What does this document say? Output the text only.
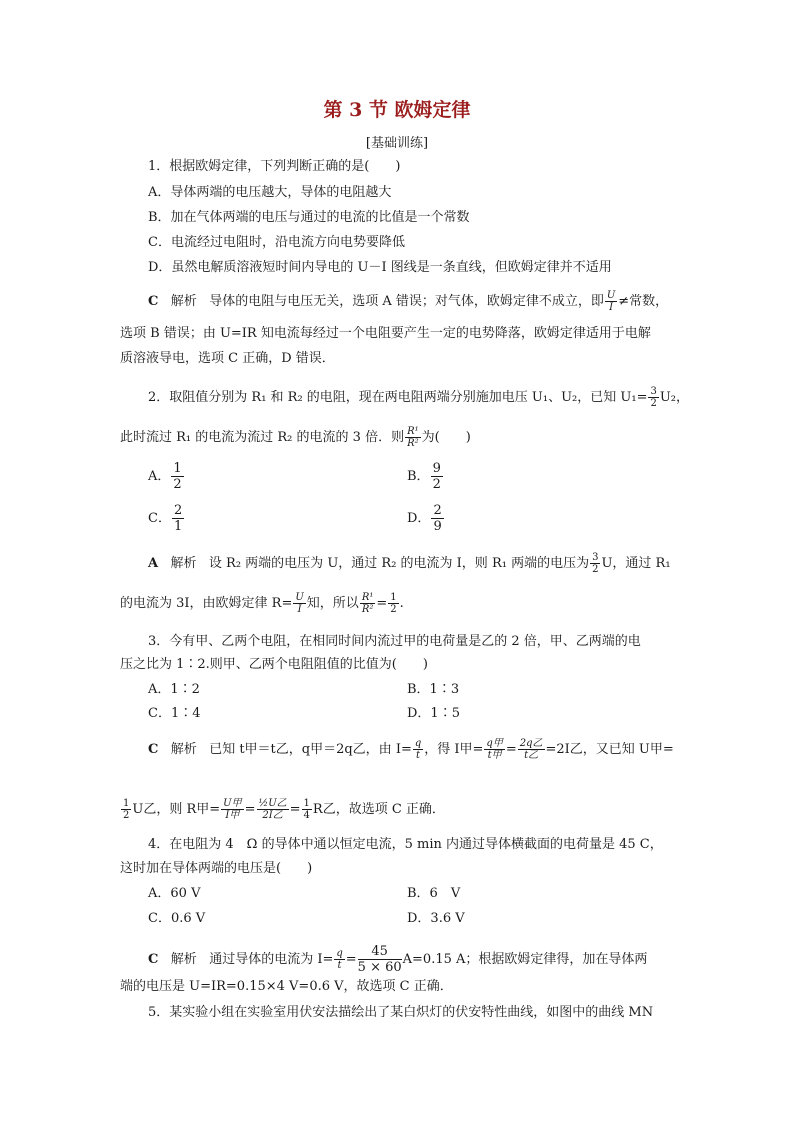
第 3 节 欧姆定律
[基础训练]
1．根据欧姆定律，下列判断正确的是(　　)
A．导体两端的电压越大，导体的电阻越大
B．加在气体两端的电压与通过的电流的比值是一个常数
C．电流经过电阻时，沿电流方向电势要降低
D．虽然电解质溶液短时间内导电的 U－I 图线是一条直线，但欧姆定律并不适用
C 解析 导体的电阻与电压无关，选项 A 错误；对气体，欧姆定律不成立，即 $\frac{U}{I}$ ≠常数，
选项 B 错误；由 U=IR 知电流每经过一个电阻要产生一定的电势降落，欧姆定律适用于电解
质溶液导电，选项 C 正确，D 错误．
2．取阻值分别为 R₁ 和 R₂ 的电阻，现在两电阻两端分别施加电压 U₁、U₂，已知 $U_1= \frac{3}{2} U_2$，
此时流过 R₁ 的电流为流过 R₂ 的电流的 3 倍．则 $\frac{\text{R¹}}{\text{R²}}$ 为(　　)
A． $\frac{1}{2}$	B． $\frac{9}{2}$
C． $\frac{2}{1}$	D． $\frac{2}{9}$
A 解析 设 R₂ 两端的电压为 U，通过 R₂ 的电流为 I，则 R₁ 两端的电压为 $\frac{3}{2}$ U，通过 R₁
的电流为 3I，由欧姆定律 $R= \frac{U}{I}$ 知，所以 $\frac{\text{R¹}}{\text{R²}} = \frac{1}{2}$ .
3．今有甲、乙两个电阻，在相同时间内流过甲的电荷量是乙的 2 倍，甲、乙两端的电
压之比为 1∶2.则甲、乙两个电阻阻值的比值为(　　)
A．1∶2	B．1∶3
C．1∶4	D．1∶5
C 解析 已知 t甲＝t乙，q甲＝2q乙，由 $I= \frac{q}{t}$ ，得 I甲= $\frac{\text{q甲}}{\text{t甲}} = \frac{\text{2q乙}}{\text{t乙}} =2I$乙，又已知 U甲=
$\frac{1}{2}$ U乙，则 R甲= $\frac{\text{U甲}}{\text{I甲}} = \frac{\text{½U乙}}{\text{2I乙}} = \frac{1}{4}$ R乙，故选项 C 正确．
4．在电阻为 4　Ω 的导体中通以恒定电流，5 min 内通过导体横截面的电荷量是 45 C，
这时加在导体两端的电压是(　　)
A．60 V	B．6　V
C．0.6 V	D．3.6 V
C 解析 通过导体的电流为 $I= \frac{q}{t} = \frac{45}{5 \times 60} A=0.15$ A；根据欧姆定律得，加在导体两
端的电压是 U=IR=0.15×4 V=0.6 V，故选项 C 正确．
5．某实验小组在实验室用伏安法描绘出了某白炽灯的伏安特性曲线，如图中的曲线 MN
